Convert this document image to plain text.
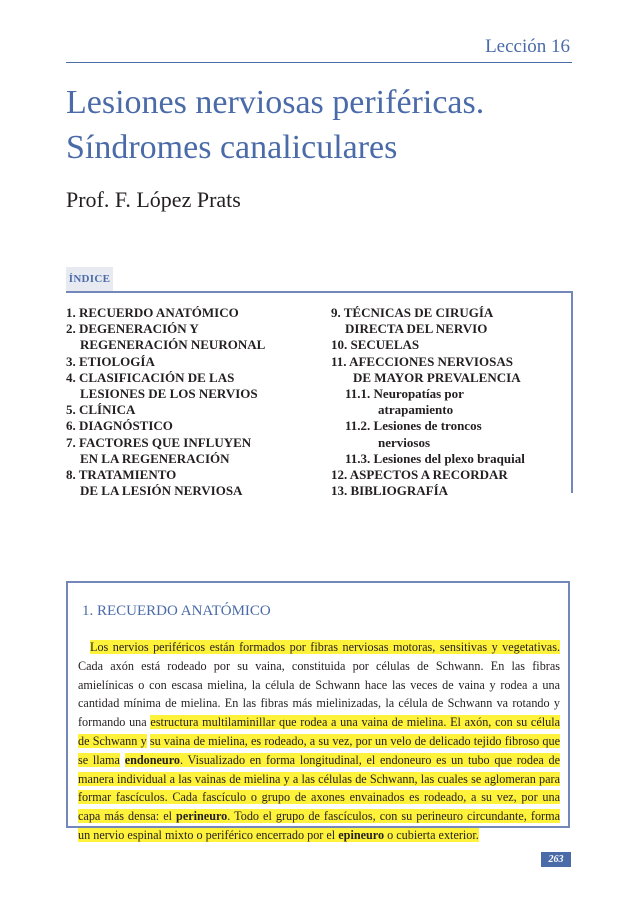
Lección 16
Lesiones nerviosas periféricas.
Síndromes canaliculares
Prof. F. López Prats
ÍNDICE
1. RECUERDO ANATÓMICO
2. DEGENERACIÓN Y
REGENERACIÓN NEURONAL
3. ETIOLOGÍA
4. CLASIFICACIÓN DE LAS
LESIONES DE LOS NERVIOS
5. CLÍNICA
6. DIAGNÓSTICO
7. FACTORES QUE INFLUYEN
EN LA REGENERACIÓN
8. TRATAMIENTO
DE LA LESIÓN NERVIOSA
9. TÉCNICAS DE CIRUGÍA
DIRECTA DEL NERVIO
10. SECUELAS
11. AFECCIONES NERVIOSAS
DE MAYOR PREVALENCIA
11.1. Neuropatías por
atrapamiento
11.2. Lesiones de troncos
nerviosos
11.3. Lesiones del plexo braquial
12. ASPECTOS A RECORDAR
13. BIBLIOGRAFÍA
1. RECUERDO ANATÓMICO

Los nervios periféricos están formados por fibras nerviosas motoras, sensitivas y vegetativas. Cada axón está rodeado por su vaina, constituida por células de Schwann. En las fibras amielínicas o con escasa mielina, la célula de Schwann hace las veces de vaina y rodea a una cantidad mínima de mielina. En las fibras más mielinizadas, la célula de Schwann va rotando y formando una estructura multilaminillar que rodea a una vaina de mielina. El axón, con su célula de Schwann y su vaina de mielina, es rodeado, a su vez, por un velo de delicado tejido fibroso que se llama endoneuro. Visualizado en forma longitudinal, el endoneuro es un tubo que rodea de manera individual a las vainas de mielina y a las células de Schwann, las cuales se aglomeran para formar fascículos. Cada fascículo o grupo de axones envainados es rodeado, a su vez, por una capa más densa: el perineuro. Todo el grupo de fascículos, con su perineuro circundante, forma un nervio espinal mixto o periférico encerrado por el epineuro o cubierta exterior.

263
